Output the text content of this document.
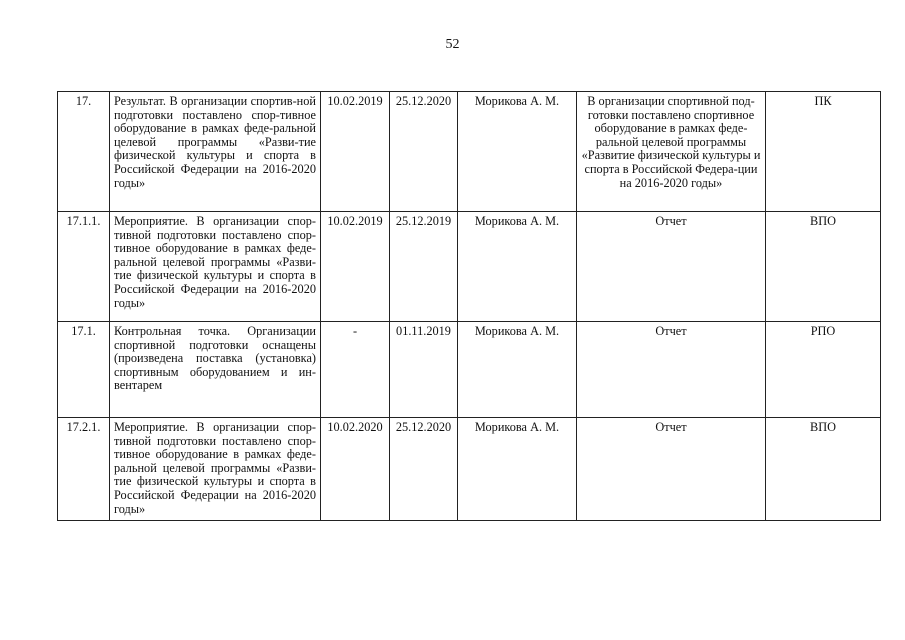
52
17.	Результат. В организации спортив-ной подготовки поставлено спор-тивное оборудование в рамках феде-ральной целевой программы «Разви-тие физической культуры и спорта в Российской Федерации на 2016-2020 годы»	10.02.2019	25.12.2020	Морикова А. М.	В организации спортивной под-готовки поставлено спортивное оборудование в рамках феде-ральной целевой программы «Развитие физической культуры и спорта в Российской Федера-ции на 2016-2020 годы»	ПК
17.1.1.	Мероприятие. В организации спор-тивной подготовки поставлено спор-тивное оборудование в рамках феде-ральной целевой программы «Разви-тие физической культуры и спорта в Российской Федерации на 2016-2020 годы»	10.02.2019	25.12.2019	Морикова А. М.	Отчет	ВПО
17.1.	Контрольная точка. Организации спортивной подготовки оснащены (произведена поставка (установка) спортивным оборудованием и ин-вентарем	-	01.11.2019	Морикова А. М.	Отчет	РПО
17.2.1.	Мероприятие. В организации спор-тивной подготовки поставлено спор-тивное оборудование в рамках феде-ральной целевой программы «Разви-тие физической культуры и спорта в Российской Федерации на 2016-2020 годы»	10.02.2020	25.12.2020	Морикова А. М.	Отчет	ВПО
